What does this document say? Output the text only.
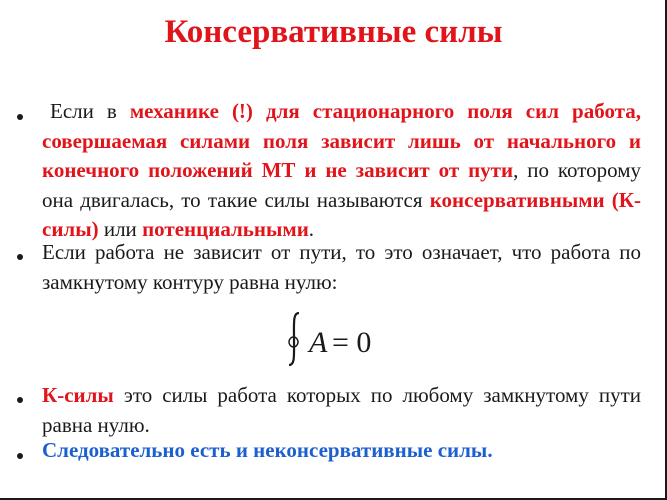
Консервативные силы

Если в механике (!) для стационарного поля сил работа, совершаемая силами поля зависит лишь от начального и конечного положений МТ и не зависит от пути, по которому она двигалась, то такие силы называются консервативными (К-силы) или потенциальными.

Если работа не зависит от пути, то это означает, что работа по замкнутому контуру равна нулю:

A = 0

К-силы это силы работа которых по любому замкнутому пути равна нулю.

Следовательно есть и неконсервативные силы.
